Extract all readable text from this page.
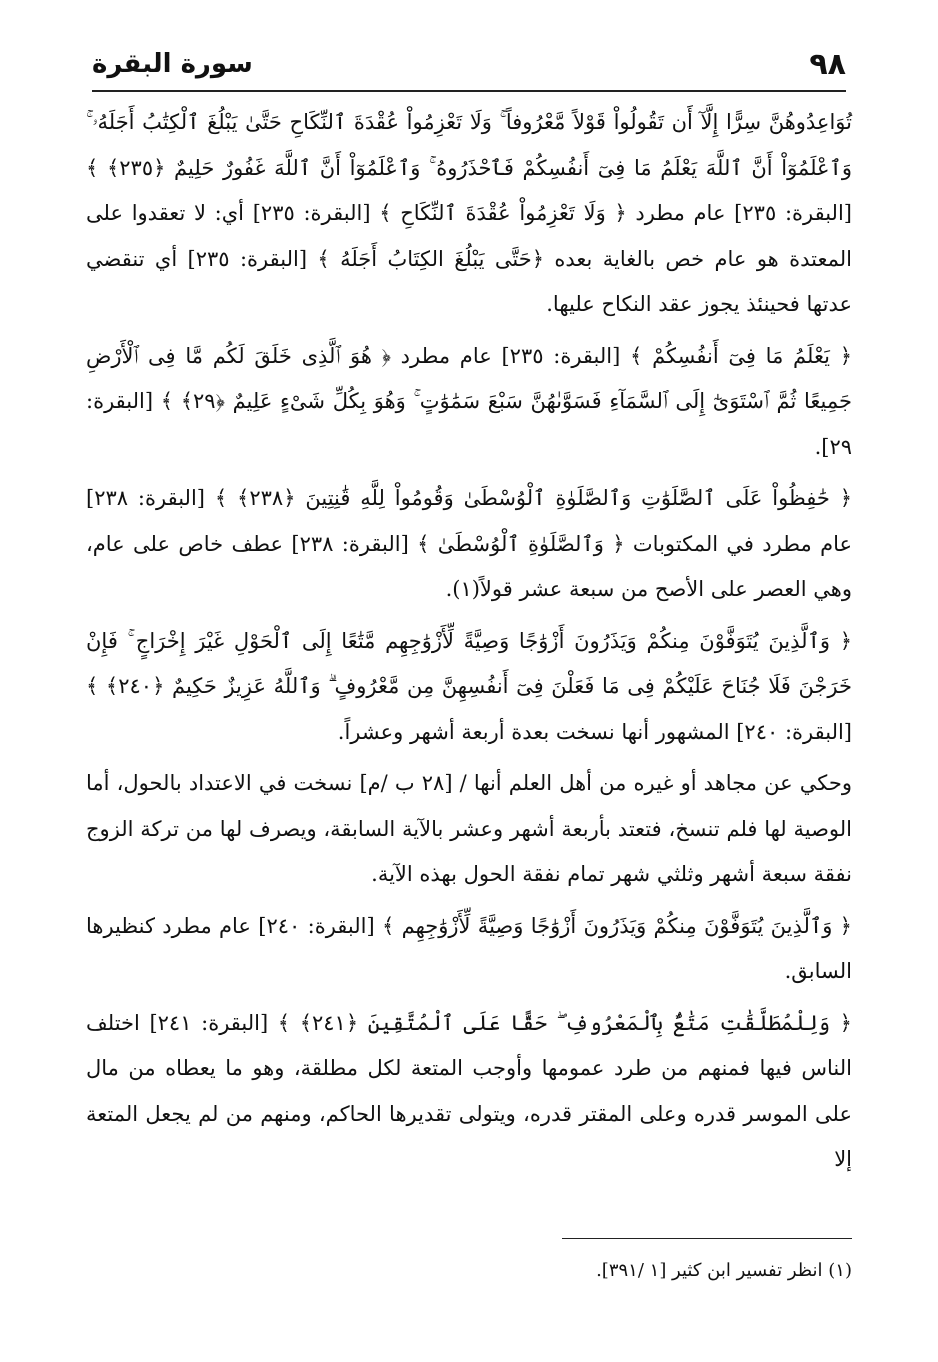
٩٨
سورة البقرة

تُوَاعِدُوهُنَّ سِرًّا إِلَّآ أَن تَقُولُواْ قَوْلاً مَّعْرُوفاً ۚ وَلَا تَعْزِمُواْ عُقْدَةَ ٱلنِّكَاحِ حَتَّىٰ يَبْلُغَ ٱلْكِتَٰبُ أَجَلَهُۥ ۚ وَٱعْلَمُوٓاْ أَنَّ ٱللَّهَ يَعْلَمُ مَا فِىٓ أَنفُسِكُمْ فَٱحْذَرُوهُ ۚ وَٱعْلَمُوٓاْ أَنَّ ٱللَّهَ غَفُورٌ حَلِيمٌ ﴿٢٣٥﴾ ﴾ [البقرة: ٢٣٥] عام مطرد ﴿ وَلَا تَعْزِمُواْ عُقْدَةَ ٱلنِّكَاحِ ﴾ [البقرة: ٢٣٥] أي: لا تعقدوا على المعتدة هو عام خص بالغاية بعده ﴿حَتَّى يَبْلُغَ الكِتَابُ أَجَلَهُ ﴾ [البقرة: ٢٣٥] أي تنقضي عدتها فحينئذ يجوز عقد النكاح عليها.

﴿ يَعْلَمُ مَا فِىٓ أَنفُسِكُمْ ﴾ [البقرة: ٢٣٥] عام مطرد ﴿ هُوَ ٱلَّذِى خَلَقَ لَكُم مَّا فِى ٱلْأَرْضِ جَمِيعًا ثُمَّ ٱسْتَوَىٰٓ إِلَى ٱلسَّمَآءِ فَسَوَّىٰهُنَّ سَبْعَ سَمَٰوَٰتٍ ۚ وَهُوَ بِكُلِّ شَىْءٍ عَلِيمٌ ﴿٢٩﴾ ﴾ [البقرة: ٢٩].

﴿ حَٰفِظُواْ عَلَى ٱلصَّلَوَٰتِ وَٱلصَّلَوٰةِ ٱلْوُسْطَىٰ وَقُومُواْ لِلَّهِ قَٰنِتِينَ ﴿٢٣٨﴾ ﴾ [البقرة: ٢٣٨] عام مطرد في المكتوبات ﴿ وَٱلصَّلَوٰةِ ٱلْوُسْطَىٰ ﴾ [البقرة: ٢٣٨] عطف خاص على عام، وهي العصر على الأصح من سبعة عشر قولاً(١).

﴿ وَٱلَّذِينَ يُتَوَفَّوْنَ مِنكُمْ وَيَذَرُونَ أَزْوَٰجًا وَصِيَّةً لِّأَزْوَٰجِهِم مَّتَٰعًا إِلَى ٱلْحَوْلِ غَيْرَ إِخْرَاجٍ ۚ فَإِنْ خَرَجْنَ فَلَا جُنَاحَ عَلَيْكُمْ فِى مَا فَعَلْنَ فِىٓ أَنفُسِهِنَّ مِن مَّعْرُوفٍ ۗ وَٱللَّهُ عَزِيزٌ حَكِيمٌ ﴿٢٤٠﴾ ﴾ [البقرة: ٢٤٠] المشهور أنها نسخت بعدة أربعة أشهر وعشراً.

وحكي عن مجاهد أو غيره من أهل العلم أنها / [٢٨ ب /م] نسخت في الاعتداد بالحول، أما الوصية لها فلم تنسخ، فتعتد بأربعة أشهر وعشر بالآية السابقة، ويصرف لها من تركة الزوج نفقة سبعة أشهر وثلثي شهر تمام نفقة الحول بهذه الآية.

﴿ وَٱلَّذِينَ يُتَوَفَّوْنَ مِنكُمْ وَيَذَرُونَ أَزْوَٰجًا وَصِيَّةً لِّأَزْوَٰجِهِم ﴾ [البقرة: ٢٤٠] عام مطرد كنظيرها السابق.

﴿ وَلِلْمُطَلَّقَٰتِ مَتَٰعٌۢ بِٱلْمَعْرُوفِ ۖ حَقًّا عَلَى ٱلْمُتَّقِينَ ﴿٢٤١﴾ ﴾ [البقرة: ٢٤١] اختلف الناس فيها فمنهم من طرد عمومها وأوجب المتعة لكل مطلقة، وهو ما يعطاه من مال على الموسر قدره وعلى المقتر قدره، ويتولى تقديرها الحاكم، ومنهم من لم يجعل المتعة إلا

(١) انظر تفسير ابن كثير [١ /٣٩١].
